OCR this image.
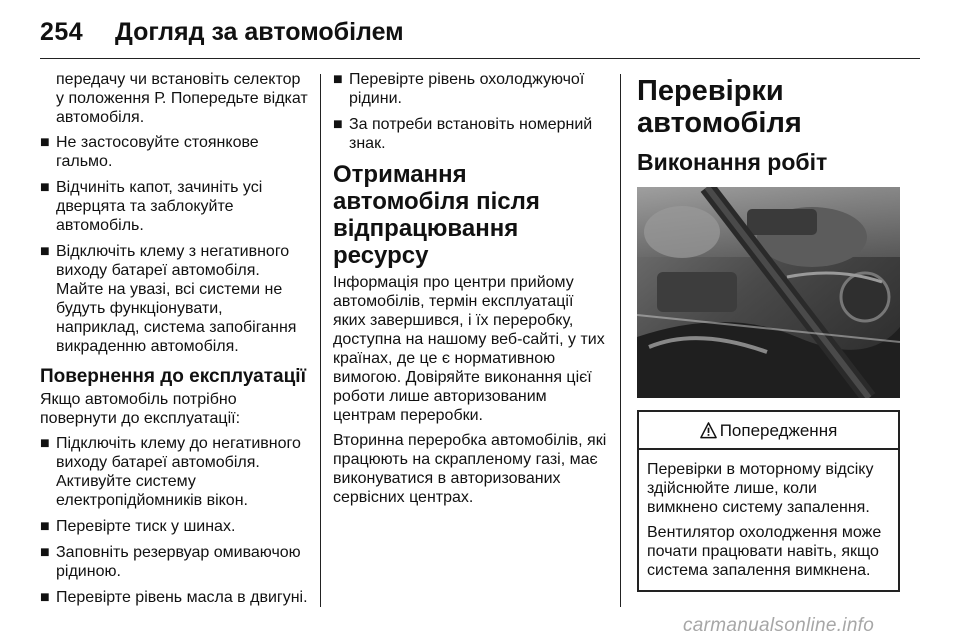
254 Догляд за автомобілем

передачу чи встановіть селектор у положення Р. Попередьте відкат автомобіля.

■ Не застосовуйте стоянкове гальмо.
■ Відчиніть капот, зачиніть усі дверцята та заблокуйте автомобіль.
■ Відключіть клему з негативного виходу батареї автомобіля. Майте на увазі, всі системи не будуть функціонувати, наприклад, система запобігання викраденню автомобіля.
Повернення до експлуатації

Якщо автомобіль потрібно повернути до експлуатації:

■ Підключіть клему до негативного виходу батареї автомобіля. Активуйте систему електропідйомників вікон.
■ Перевірте тиск у шинах.
■ Заповніть резервуар омиваючою рідиною.
■ Перевірте рівень масла в двигуні.
■ Перевірте рівень охолоджуючої рідини.
■ За потреби встановіть номерний знак.
Отримання автомобіля після відпрацювання ресурсу

Інформація про центри прийому автомобілів, термін експлуатації яких завершився, і їх переробку, доступна на нашому веб-сайті, у тих країнах, де це є нормативною вимогою. Довіряйте виконання цієї роботи лише авторизованим центрам переробки.

Вторинна переробка автомобілів, які працюють на скрапленому газі, має виконуватися в авторизованих сервісних центрах.

Перевірки автомобіля
Виконання робіт
Попередження

Перевірки в моторному відсіку здійснюйте лише, коли вимкнено систему запалення.

Вентилятор охолодження може почати працювати навіть, якщо система запалення вимкнена.

carmanualsonline.info
